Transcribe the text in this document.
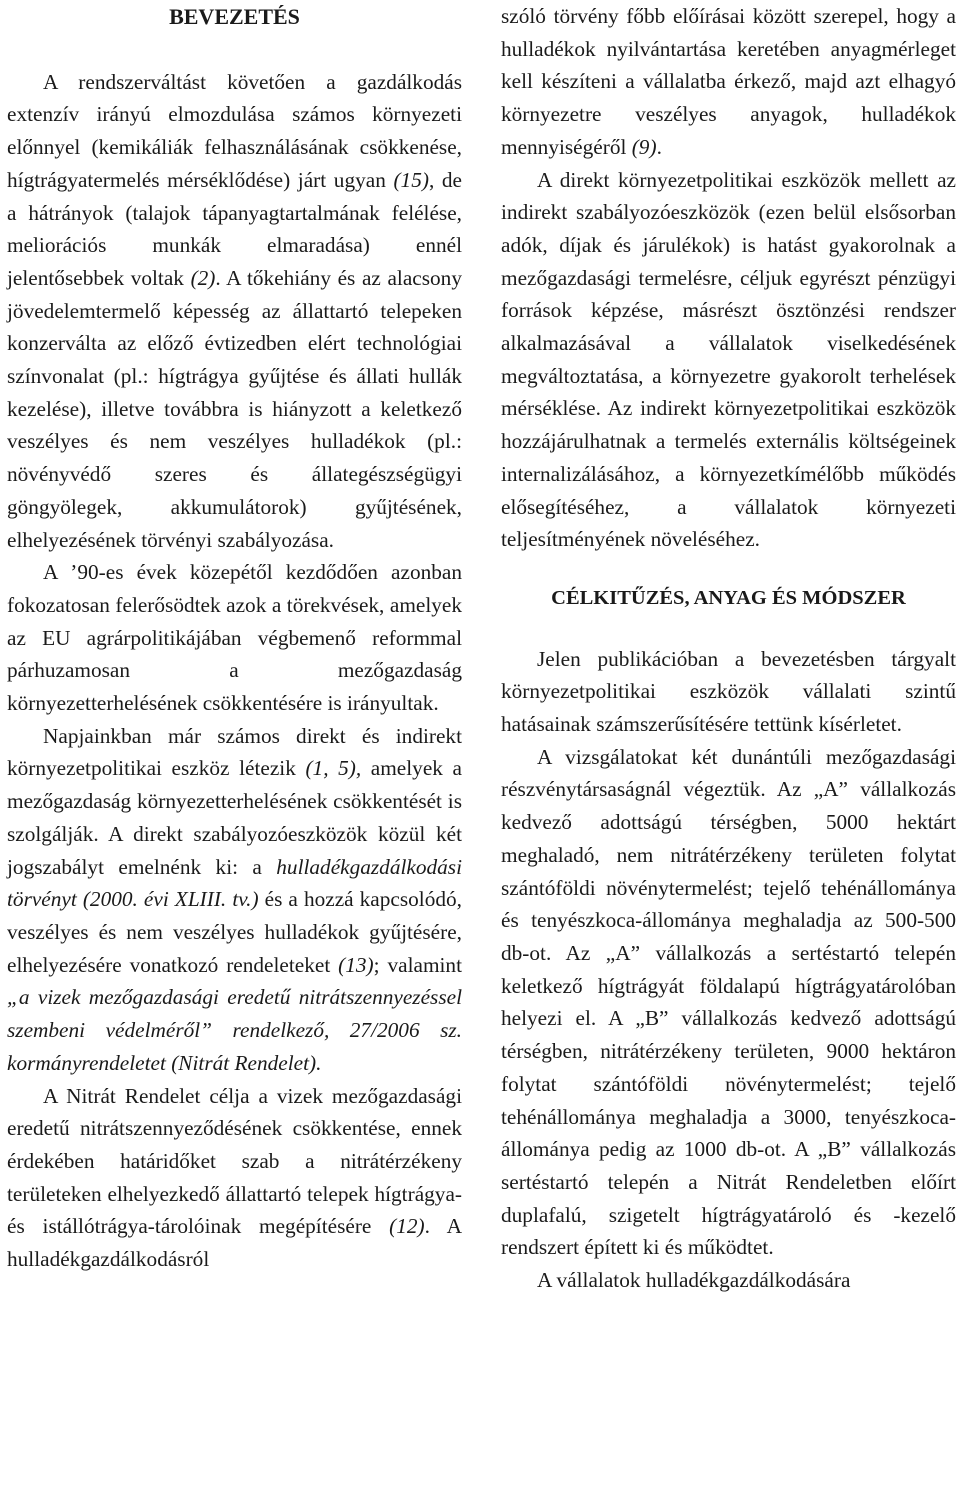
BEVEZETÉS

A rendszerváltást követően a gazdálkodás extenzív irányú elmozdulása számos környezeti előnnyel (kemikáliák felhasználásának csökkenése, hígtrágyatermelés mérséklődése) járt ugyan (15), de a hátrányok (talajok tápanyagtartalmának felélése, meliorációs munkák elmaradása) ennél jelentősebbek voltak (2). A tőkehiány és az alacsony jövedelemtermelő képesség az állattartó telepeken konzerválta az előző évtizedben elért technológiai színvonalat (pl.: hígtrágya gyűjtése és állati hullák kezelése), illetve továbbra is hiányzott a keletkező veszélyes és nem veszélyes hulladékok (pl.: növényvédő szeres és állategészségügyi göngyölegek, akkumulátorok) gyűjtésének, elhelyezésének törvényi szabályozása.

A ’90-es évek közepétől kezdődően azonban fokozatosan felerősödtek azok a törekvések, amelyek az EU agrárpolitikájában végbemenő reformmal párhuzamosan a mezőgazdaság környezetterhelésének csökkentésére is irányultak.

Napjainkban már számos direkt és indirekt környezetpolitikai eszköz létezik (1, 5), amelyek a mezőgazdaság környezetterhelésének csökkentését is szolgálják. A direkt szabályozóeszközök közül két jogszabályt emelnénk ki: a hulladékgazdálkodási törvényt (2000. évi XLIII. tv.) és a hozzá kapcsolódó, veszélyes és nem veszélyes hulladékok gyűjtésére, elhelyezésére vonatkozó rendeleteket (13); valamint „a vizek mezőgazdasági eredetű nitrátszennyezéssel szembeni védelméről” rendelkező, 27/2006 sz. kormányrendeletet (Nitrát Rendelet).

A Nitrát Rendelet célja a vizek mezőgazdasági eredetű nitrátszennyeződésének csökkentése, ennek érdekében határidőket szab a nitrátérzékeny területeken elhelyezkedő állattartó telepek hígtrágya- és istállótrágya-tárolóinak megépítésére (12). A hulladékgazdálkodásról

szóló törvény főbb előírásai között szerepel, hogy a hulladékok nyilvántartása keretében anyagmérleget kell készíteni a vállalatba érkező, majd azt elhagyó környezetre veszélyes anyagok, hulladékok mennyiségéről (9).

A direkt környezetpolitikai eszközök mellett az indirekt szabályozóeszközök (ezen belül elsősorban adók, díjak és járulékok) is hatást gyakorolnak a mezőgazdasági termelésre, céljuk egyrészt pénzügyi források képzése, másrészt ösztönzési rendszer alkalmazásával a vállalatok viselkedésének megváltoztatása, a környezetre gyakorolt terhelések mérséklése. Az indirekt környezetpolitikai eszközök hozzájárulhatnak a termelés externális költségeinek internalizálásához, a környezetkímélőbb működés elősegítéséhez, a vállalatok környezeti teljesítményének növeléséhez.

CÉLKITŰZÉS, ANYAG ÉS MÓDSZER

Jelen publikációban a bevezetésben tárgyalt környezetpolitikai eszközök vállalati szintű hatásainak számszerűsítésére tettünk kísérletet.

A vizsgálatokat két dunántúli mezőgazdasági részvénytársaságnál végeztük. Az „A” vállalkozás kedvező adottságú térségben, 5000 hektárt meghaladó, nem nitrátérzékeny területen folytat szántóföldi növénytermelést; tejelő tehénállománya és tenyészkoca-állománya meghaladja az 500-500 db-ot. Az „A” vállalkozás a sertéstartó telepén keletkező hígtrágyát földalapú hígtrágyatárolóban helyezi el. A „B” vállalkozás kedvező adottságú térségben, nitrátérzékeny területen, 9000 hektáron folytat szántóföldi növénytermelést; tejelő tehénállománya meghaladja a 3000, tenyészkoca-állománya pedig az 1000 db-ot. A „B” vállalkozás sertéstartó telepén a Nitrát Rendeletben előírt duplafalú, szigetelt hígtrágyatároló és -kezelő rendszert épített ki és működtet.

A vállalatok hulladékgazdálkodására
